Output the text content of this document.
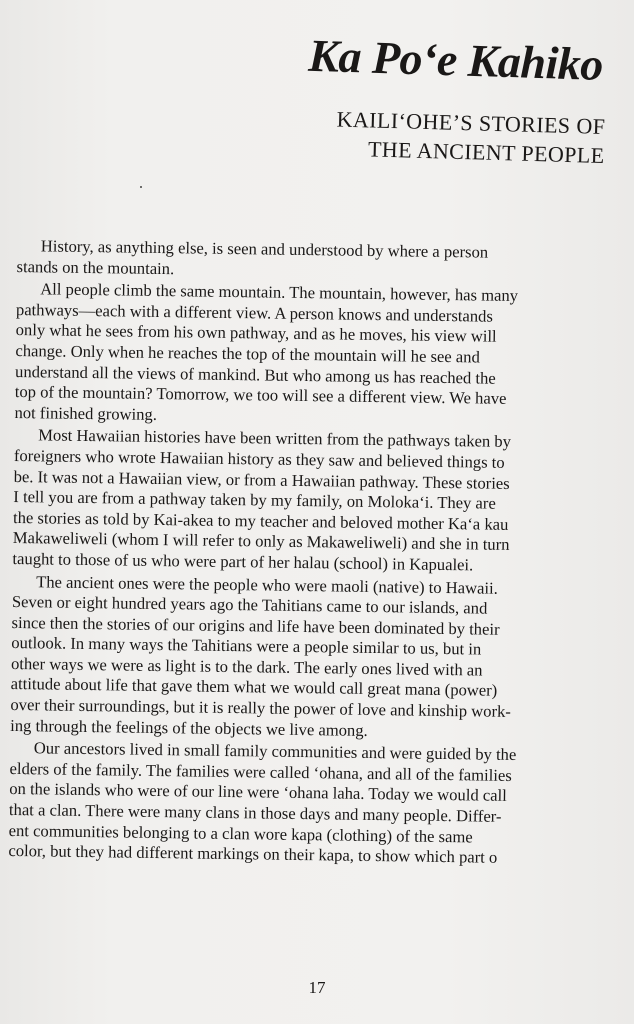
Ka Po‘e Kahiko
KAILI‘OHE’S STORIES OF
THE ANCIENT PEOPLE
History, as anything else, is seen and understood by where a person
stands on the mountain.
All people climb the same mountain. The mountain, however, has many
pathways—each with a different view. A person knows and understands
only what he sees from his own pathway, and as he moves, his view will
change. Only when he reaches the top of the mountain will he see and
understand all the views of mankind. But who among us has reached the
top of the mountain? Tomorrow, we too will see a different view. We have
not finished growing.
Most Hawaiian histories have been written from the pathways taken by
foreigners who wrote Hawaiian history as they saw and believed things to
be. It was not a Hawaiian view, or from a Hawaiian pathway. These stories
I tell you are from a pathway taken by my family, on Moloka‘i. They are
the stories as told by Kai-akea to my teacher and beloved mother Ka‘a kau
Makaweliweli (whom I will refer to only as Makaweliweli) and she in turn
taught to those of us who were part of her halau (school) in Kapualei.
The ancient ones were the people who were maoli (native) to Hawaii.
Seven or eight hundred years ago the Tahitians came to our islands, and
since then the stories of our origins and life have been dominated by their
outlook. In many ways the Tahitians were a people similar to us, but in
other ways we were as light is to the dark. The early ones lived with an
attitude about life that gave them what we would call great mana (power)
over their surroundings, but it is really the power of love and kinship work-
ing through the feelings of the objects we live among.
Our ancestors lived in small family communities and were guided by the
elders of the family. The families were called ‘ohana, and all of the families
on the islands who were of our line were ‘ohana laha. Today we would call
that a clan. There were many clans in those days and many people. Differ-
ent communities belonging to a clan wore kapa (clothing) of the same
color, but they had different markings on their kapa, to show which part o
17
